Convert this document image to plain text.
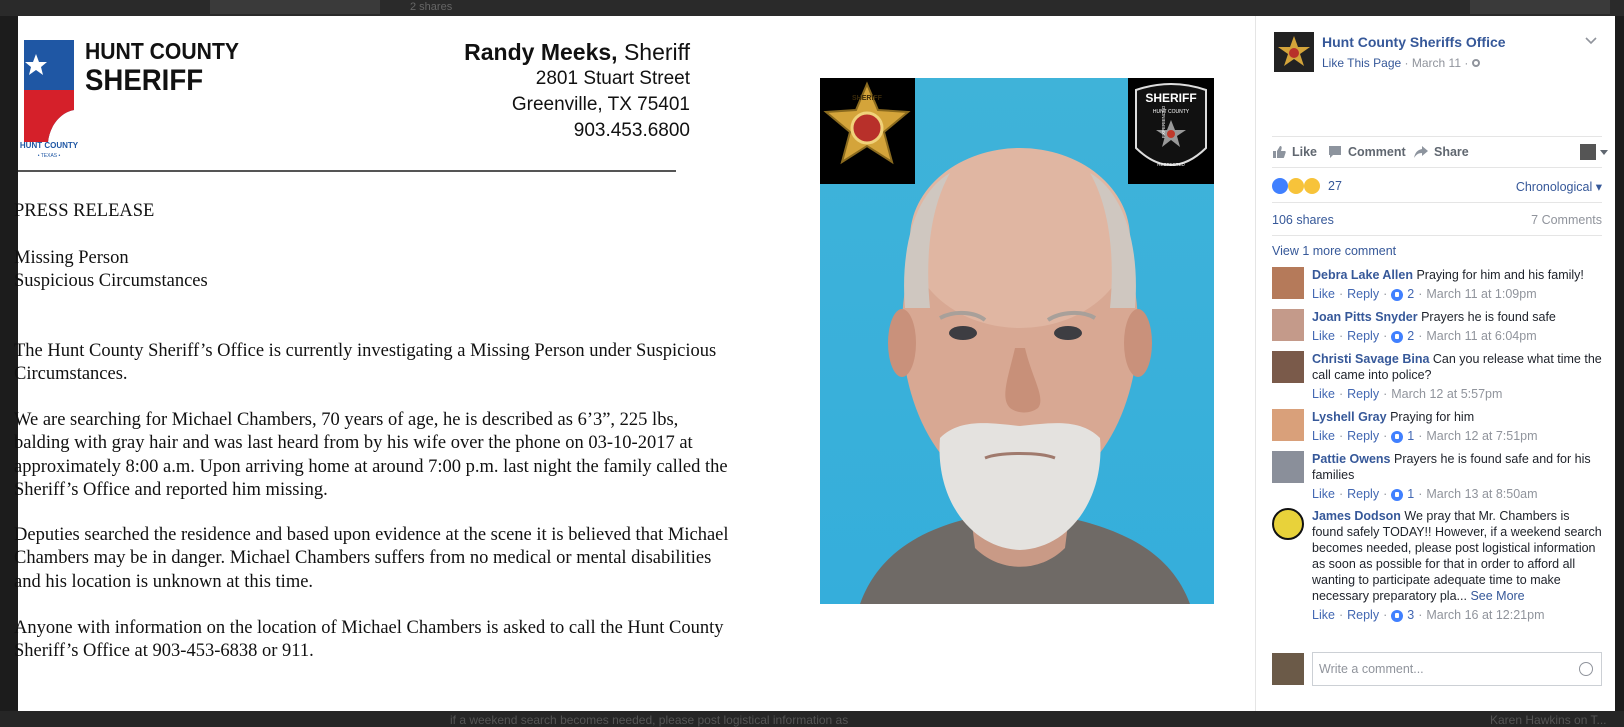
2 shares
HUNT COUNTY
• TEXAS •
HUNT COUNTY
SHERIFF
Randy Meeks, Sheriff
2801 Stuart Street
Greenville, TX 75401
903.453.6800
PRESS RELEASE
Missing Person
Suspicious Circumstances
The Hunt County Sheriff’s Office is currently investigating a Missing Person under Suspicious
Circumstances.
We are searching for Michael Chambers, 70 years of age, he is described as 6’3”, 225 lbs,
balding with gray hair and was last heard from by his wife over the phone on 03-10-2017 at
approximately 8:00 a.m. Upon arriving home at around 7:00 p.m. last night the family called the
Sheriff’s Office and reported him missing.
Deputies searched the residence and based upon evidence at the scene it is believed that Michael
Chambers may be in danger. Michael Chambers suffers from no medical or mental disabilities
and his location is unknown at this time.
Anyone with information on the location of Michael Chambers is asked to call the Hunt County
Sheriff’s Office at 903-453-6838 or 911.
SHERIFF	SHERIFF
HUNT COUNTY
RESPECTED
EXPERIENCED
DEDICATED
Hunt County Sheriffs Office
Like This Page · March 11 ·
Like Comment Share
27	Chronological ▾
106 shares	7 Comments
View 1 more comment
Debra Lake Allen Praying for him and his family!
Like · Reply · 2 · March 11 at 1:09pm
Joan Pitts Snyder Prayers he is found safe
Like · Reply · 2 · March 11 at 6:04pm
Christi Savage Bina Can you release what time the call came into police?
Like · Reply · March 12 at 5:57pm
Lyshell Gray Praying for him
Like · Reply · 1 · March 12 at 7:51pm
Pattie Owens Prayers he is found safe and for his families
Like · Reply · 1 · March 13 at 8:50am
James Dodson We pray that Mr. Chambers is found safely TODAY!! However, if a weekend search becomes needed, please post logistical information as soon as possible for that in order to afford all wanting to participate adequate time to make necessary preparatory pla... See More
Like · Reply · 3 · March 16 at 12:21pm
Write a comment...
if a weekend search becomes needed, please post logistical information as	Karen Hawkins on T...
